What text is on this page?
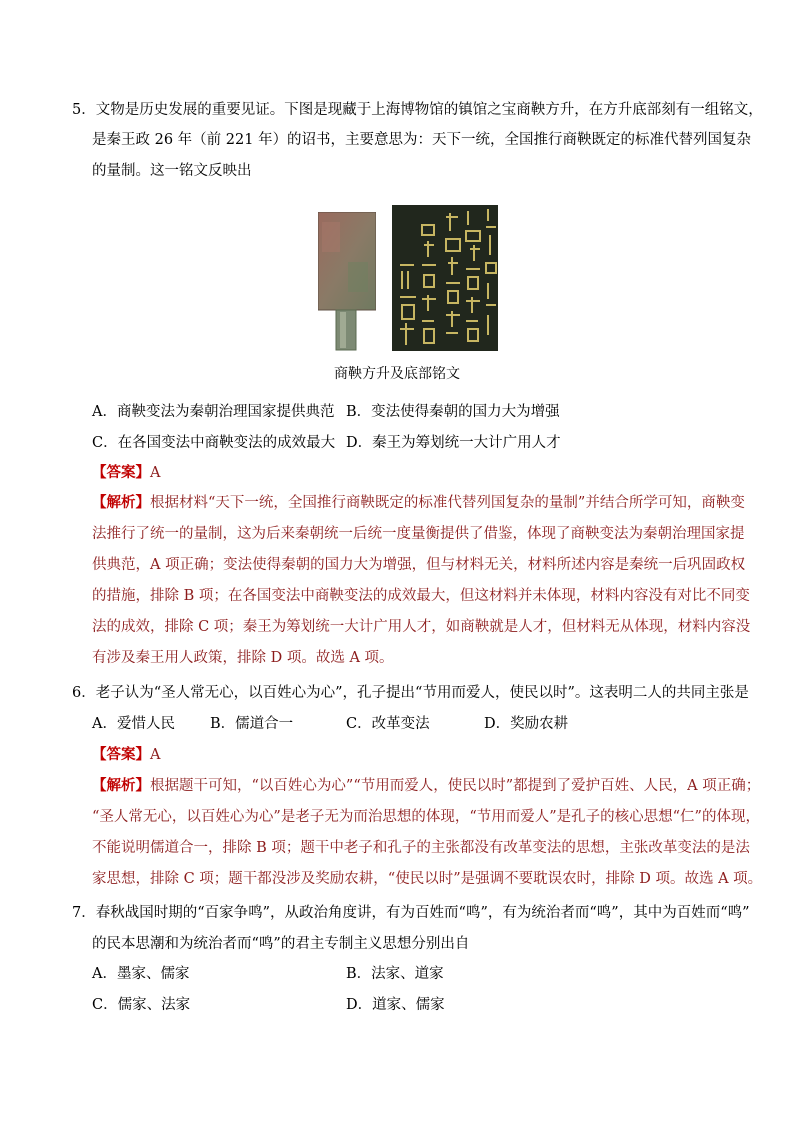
5．文物是历史发展的重要见证。下图是现藏于上海博物馆的镇馆之宝商鞅方升，在方升底部刻有一组铭文，
是秦王政 26 年（前 221 年）的诏书，主要意思为：天下一统，全国推行商鞅既定的标准代替列国复杂
的量制。这一铭文反映出
商鞅方升及底部铭文
A．商鞅变法为秦朝治理国家提供典范 B．变法使得秦朝的国力大为增强
C．在各国变法中商鞅变法的成效最大 D．秦王为筹划统一大计广用人才
【答案】A
【解析】根据材料“天下一统，全国推行商鞅既定的标准代替列国复杂的量制”并结合所学可知，商鞅变
法推行了统一的量制，这为后来秦朝统一后统一度量衡提供了借鉴，体现了商鞅变法为秦朝治理国家提
供典范，A 项正确；变法使得秦朝的国力大为增强，但与材料无关，材料所述内容是秦统一后巩固政权
的措施，排除 B 项；在各国变法中商鞅变法的成效最大，但这材料并未体现，材料内容没有对比不同变
法的成效，排除 C 项；秦王为筹划统一大计广用人才，如商鞅就是人才，但材料无从体现，材料内容没
有涉及秦王用人政策，排除 D 项。故选 A 项。
6．老子认为“圣人常无心，以百姓心为心”，孔子提出“节用而爱人，使民以时”。这表明二人的共同主张是
A．爱惜人民 B．儒道合一	C．改革变法	D．奖励农耕
【答案】A
【解析】根据题干可知，“以百姓心为心”“节用而爱人，使民以时”都提到了爱护百姓、人民，A 项正确；
“圣人常无心，以百姓心为心”是老子无为而治思想的体现，“节用而爱人”是孔子的核心思想“仁”的体现，
不能说明儒道合一，排除 B 项；题干中老子和孔子的主张都没有改革变法的思想，主张改革变法的是法
家思想，排除 C 项；题干都没涉及奖励农耕，“使民以时”是强调不要耽误农时，排除 D 项。故选 A 项。
7．春秋战国时期的“百家争鸣”，从政治角度讲，有为百姓而“鸣”，有为统治者而“鸣”，其中为百姓而“鸣”
的民本思潮和为统治者而“鸣”的君主专制主义思想分别出自
A．墨家、儒家	B．法家、道家
C．儒家、法家	D．道家、儒家
